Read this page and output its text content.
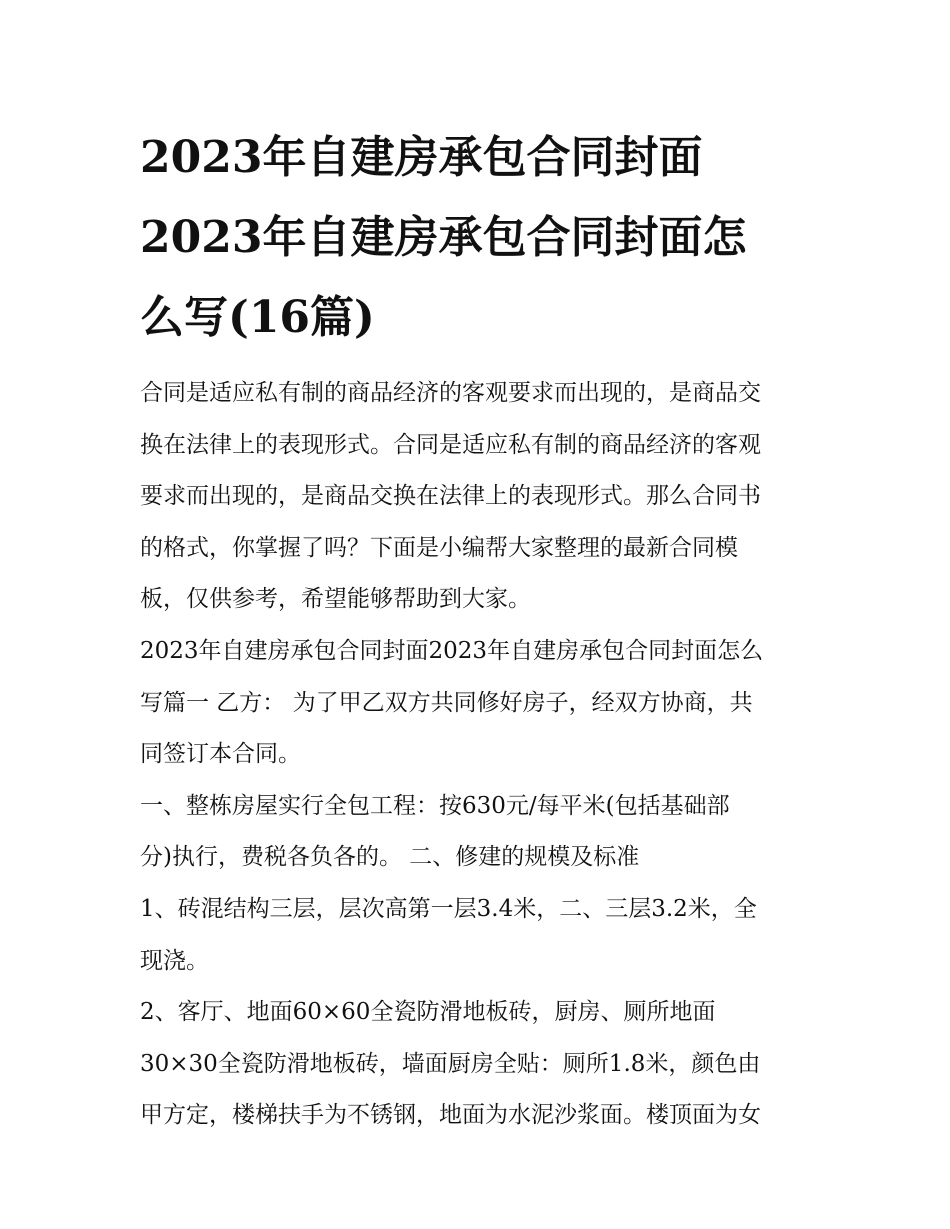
2023年自建房承包合同封面
2023年自建房承包合同封面怎
么写(16篇)
合同是适应私有制的商品经济的客观要求而出现的，是商品交
换在法律上的表现形式。合同是适应私有制的商品经济的客观
要求而出现的，是商品交换在法律上的表现形式。那么合同书
的格式，你掌握了吗？下面是小编帮大家整理的最新合同模
板，仅供参考，希望能够帮助到大家。
2023年自建房承包合同封面2023年自建房承包合同封面怎么
写篇一 乙方： 为了甲乙双方共同修好房子，经双方协商，共
同签订本合同。
一、整栋房屋实行全包工程：按630元/每平米(包括基础部
分)执行，费税各负各的。 二、修建的规模及标准
1、砖混结构三层，层次高第一层3.4米，二、三层3.2米，全
现浇。
2、客厅、地面60×60全瓷防滑地板砖，厨房、厕所地面
30×30全瓷防滑地板砖，墙面厨房全贴：厕所1.8米，颜色由
甲方定，楼梯扶手为不锈钢，地面为水泥沙浆面。楼顶面为女
